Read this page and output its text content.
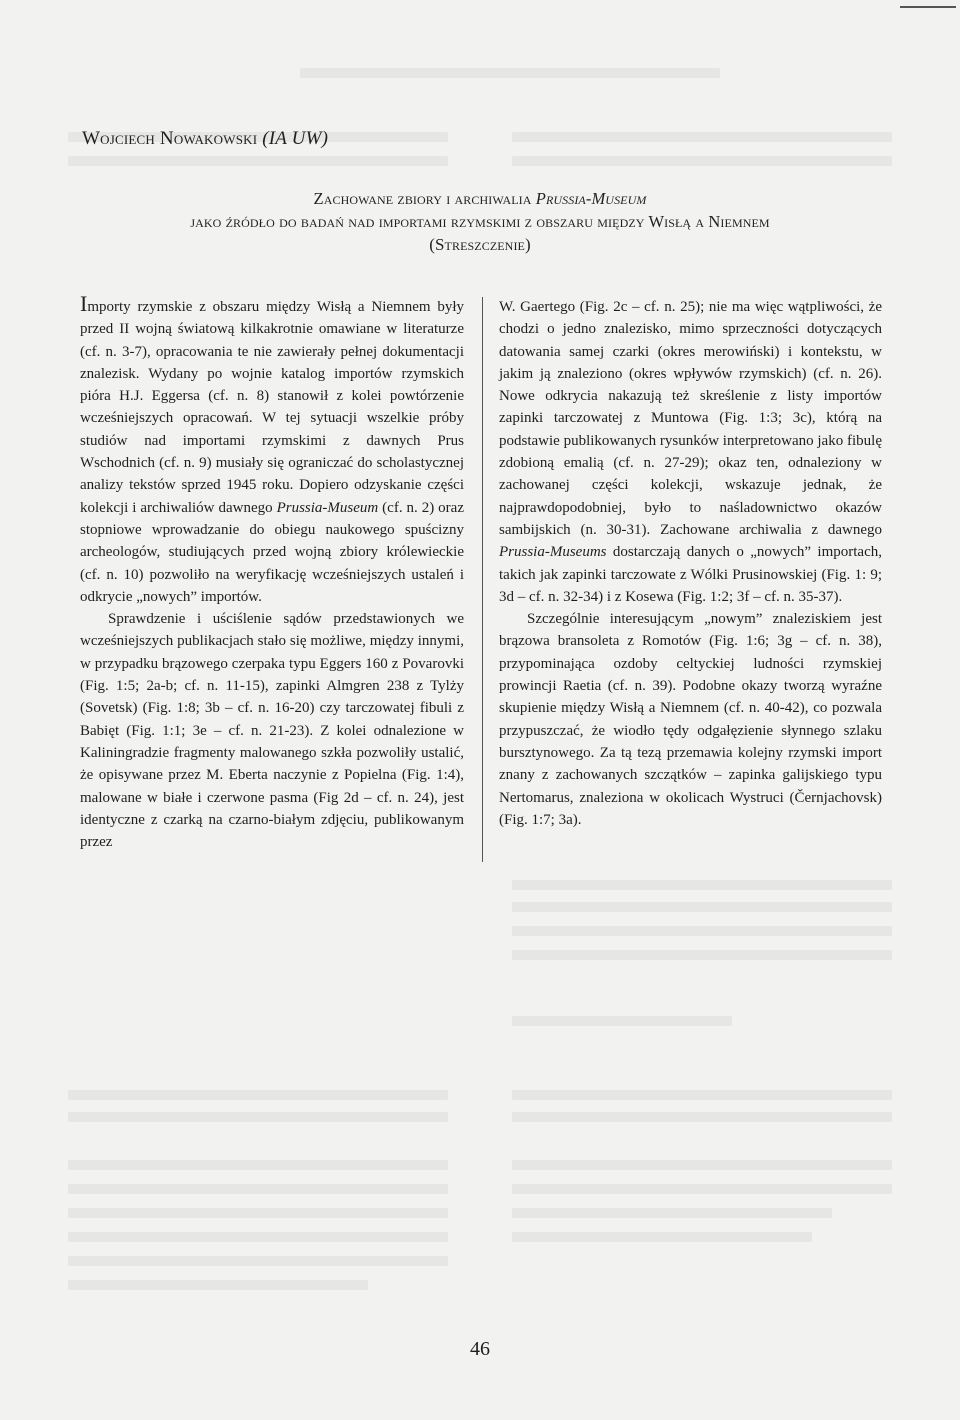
Wojciech Nowakowski (IA UW)
Zachowane zbiory i archiwalia Prussia-Museum
jako źródło do badań nad importami rzymskimi z obszaru między Wisłą a Niemnem
(Streszczenie)

Importy rzymskie z obszaru między Wisłą a Niemnem były przed II wojną światową kilkakrotnie omawiane w literaturze (cf. n. 3-7), opracowania te nie zawierały pełnej dokumentacji znalezisk. Wydany po wojnie katalog importów rzymskich pióra H.J. Eggersa (cf. n. 8) stanowił z kolei powtórzenie wcześniejszych opracowań. W tej sytuacji wszelkie próby studiów nad importami rzymskimi z dawnych Prus Wschodnich (cf. n. 9) musiały się ograniczać do scholastycznej analizy tekstów sprzed 1945 roku. Dopiero odzyskanie części kolekcji i archiwaliów dawnego Prussia-Museum (cf. n. 2) oraz stopniowe wprowadzanie do obiegu naukowego spuścizny archeologów, studiujących przed wojną zbiory królewieckie (cf. n. 10) pozwoliło na weryfikację wcześniejszych ustaleń i odkrycie „nowych” importów.

Sprawdzenie i uściślenie sądów przedstawionych we wcześniejszych publikacjach stało się możliwe, między innymi, w przypadku brązowego czerpaka typu Eggers 160 z Povarovki (Fig. 1:5; 2a-b; cf. n. 11-15), zapinki Almgren 238 z Tylży (Sovetsk) (Fig. 1:8; 3b – cf. n. 16-20) czy tarczowatej fibuli z Babięt (Fig. 1:1; 3e – cf. n. 21-23). Z kolei odnalezione w Kaliningradzie fragmenty malowanego szkła pozwoliły ustalić, że opisywane przez M. Eberta naczynie z Popielna (Fig. 1:4), malowane w białe i czerwone pasma (Fig 2d – cf. n. 24), jest identyczne z czarką na czarno-białym zdjęciu, publikowanym przez

W. Gaertego (Fig. 2c – cf. n. 25); nie ma więc wątpliwości, że chodzi o jedno znalezisko, mimo sprzeczności dotyczących datowania samej czarki (okres merowiński) i kontekstu, w jakim ją znaleziono (okres wpływów rzymskich) (cf. n. 26). Nowe odkrycia nakazują też skreślenie z listy importów zapinki tarczowatej z Muntowa (Fig. 1:3; 3c), którą na podstawie publikowanych rysunków interpretowano jako fibulę zdobioną emalią (cf. n. 27-29); okaz ten, odnaleziony w zachowanej części kolekcji, wskazuje jednak, że najprawdopodobniej, było to naśladownictwo okazów sambijskich (n. 30-31). Zachowane archiwalia z dawnego Prussia-Museums dostarczają danych o „nowych” importach, takich jak zapinki tarczowate z Wólki Prusinowskiej (Fig. 1: 9; 3d – cf. n. 32-34) i z Kosewa (Fig. 1:2; 3f – cf. n. 35-37).

Szczególnie interesującym „nowym” znaleziskiem jest brązowa bransoleta z Romotów (Fig. 1:6; 3g – cf. n. 38), przypominająca ozdoby celtyckiej ludności rzymskiej prowincji Raetia (cf. n. 39). Podobne okazy tworzą wyraźne skupienie między Wisłą a Niemnem (cf. n. 40-42), co pozwala przypuszczać, że wiodło tędy odgałęzienie słynnego szlaku bursztynowego. Za tą tezą przemawia kolejny rzymski import znany z zachowanych szczątków – zapinka galijskiego typu Nertomarus, znaleziona w okolicach Wystruci (Černjachovsk) (Fig. 1:7; 3a).

46
